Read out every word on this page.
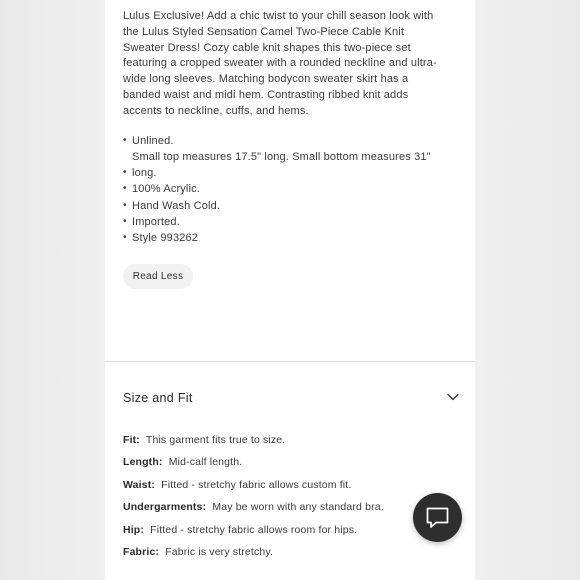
Lulus Exclusive! Add a chic twist to your chill season look with the Lulus Styled Sensation Camel Two-Piece Cable Knit Sweater Dress! Cozy cable knit shapes this two-piece set featuring a cropped sweater with a rounded neckline and ultra-wide long sleeves. Matching bodycon sweater skirt has a banded waist and midi hem. Contrasting ribbed knit adds accents to neckline, cuffs, and hems.
• Unlined.
•
Small top measures 17.5" long. Small bottom measures 31" long.
• 100% Acrylic.
• Hand Wash Cold.
• Imported.
• Style 993262
Read Less
Size and Fit
Fit: This garment fits true to size.
Length: Mid-calf length.
Waist: Fitted - stretchy fabric allows custom fit.
Undergarments: May be worn with any standard bra.
Hip: Fitted - stretchy fabric allows room for hips.
Fabric: Fabric is very stretchy.
